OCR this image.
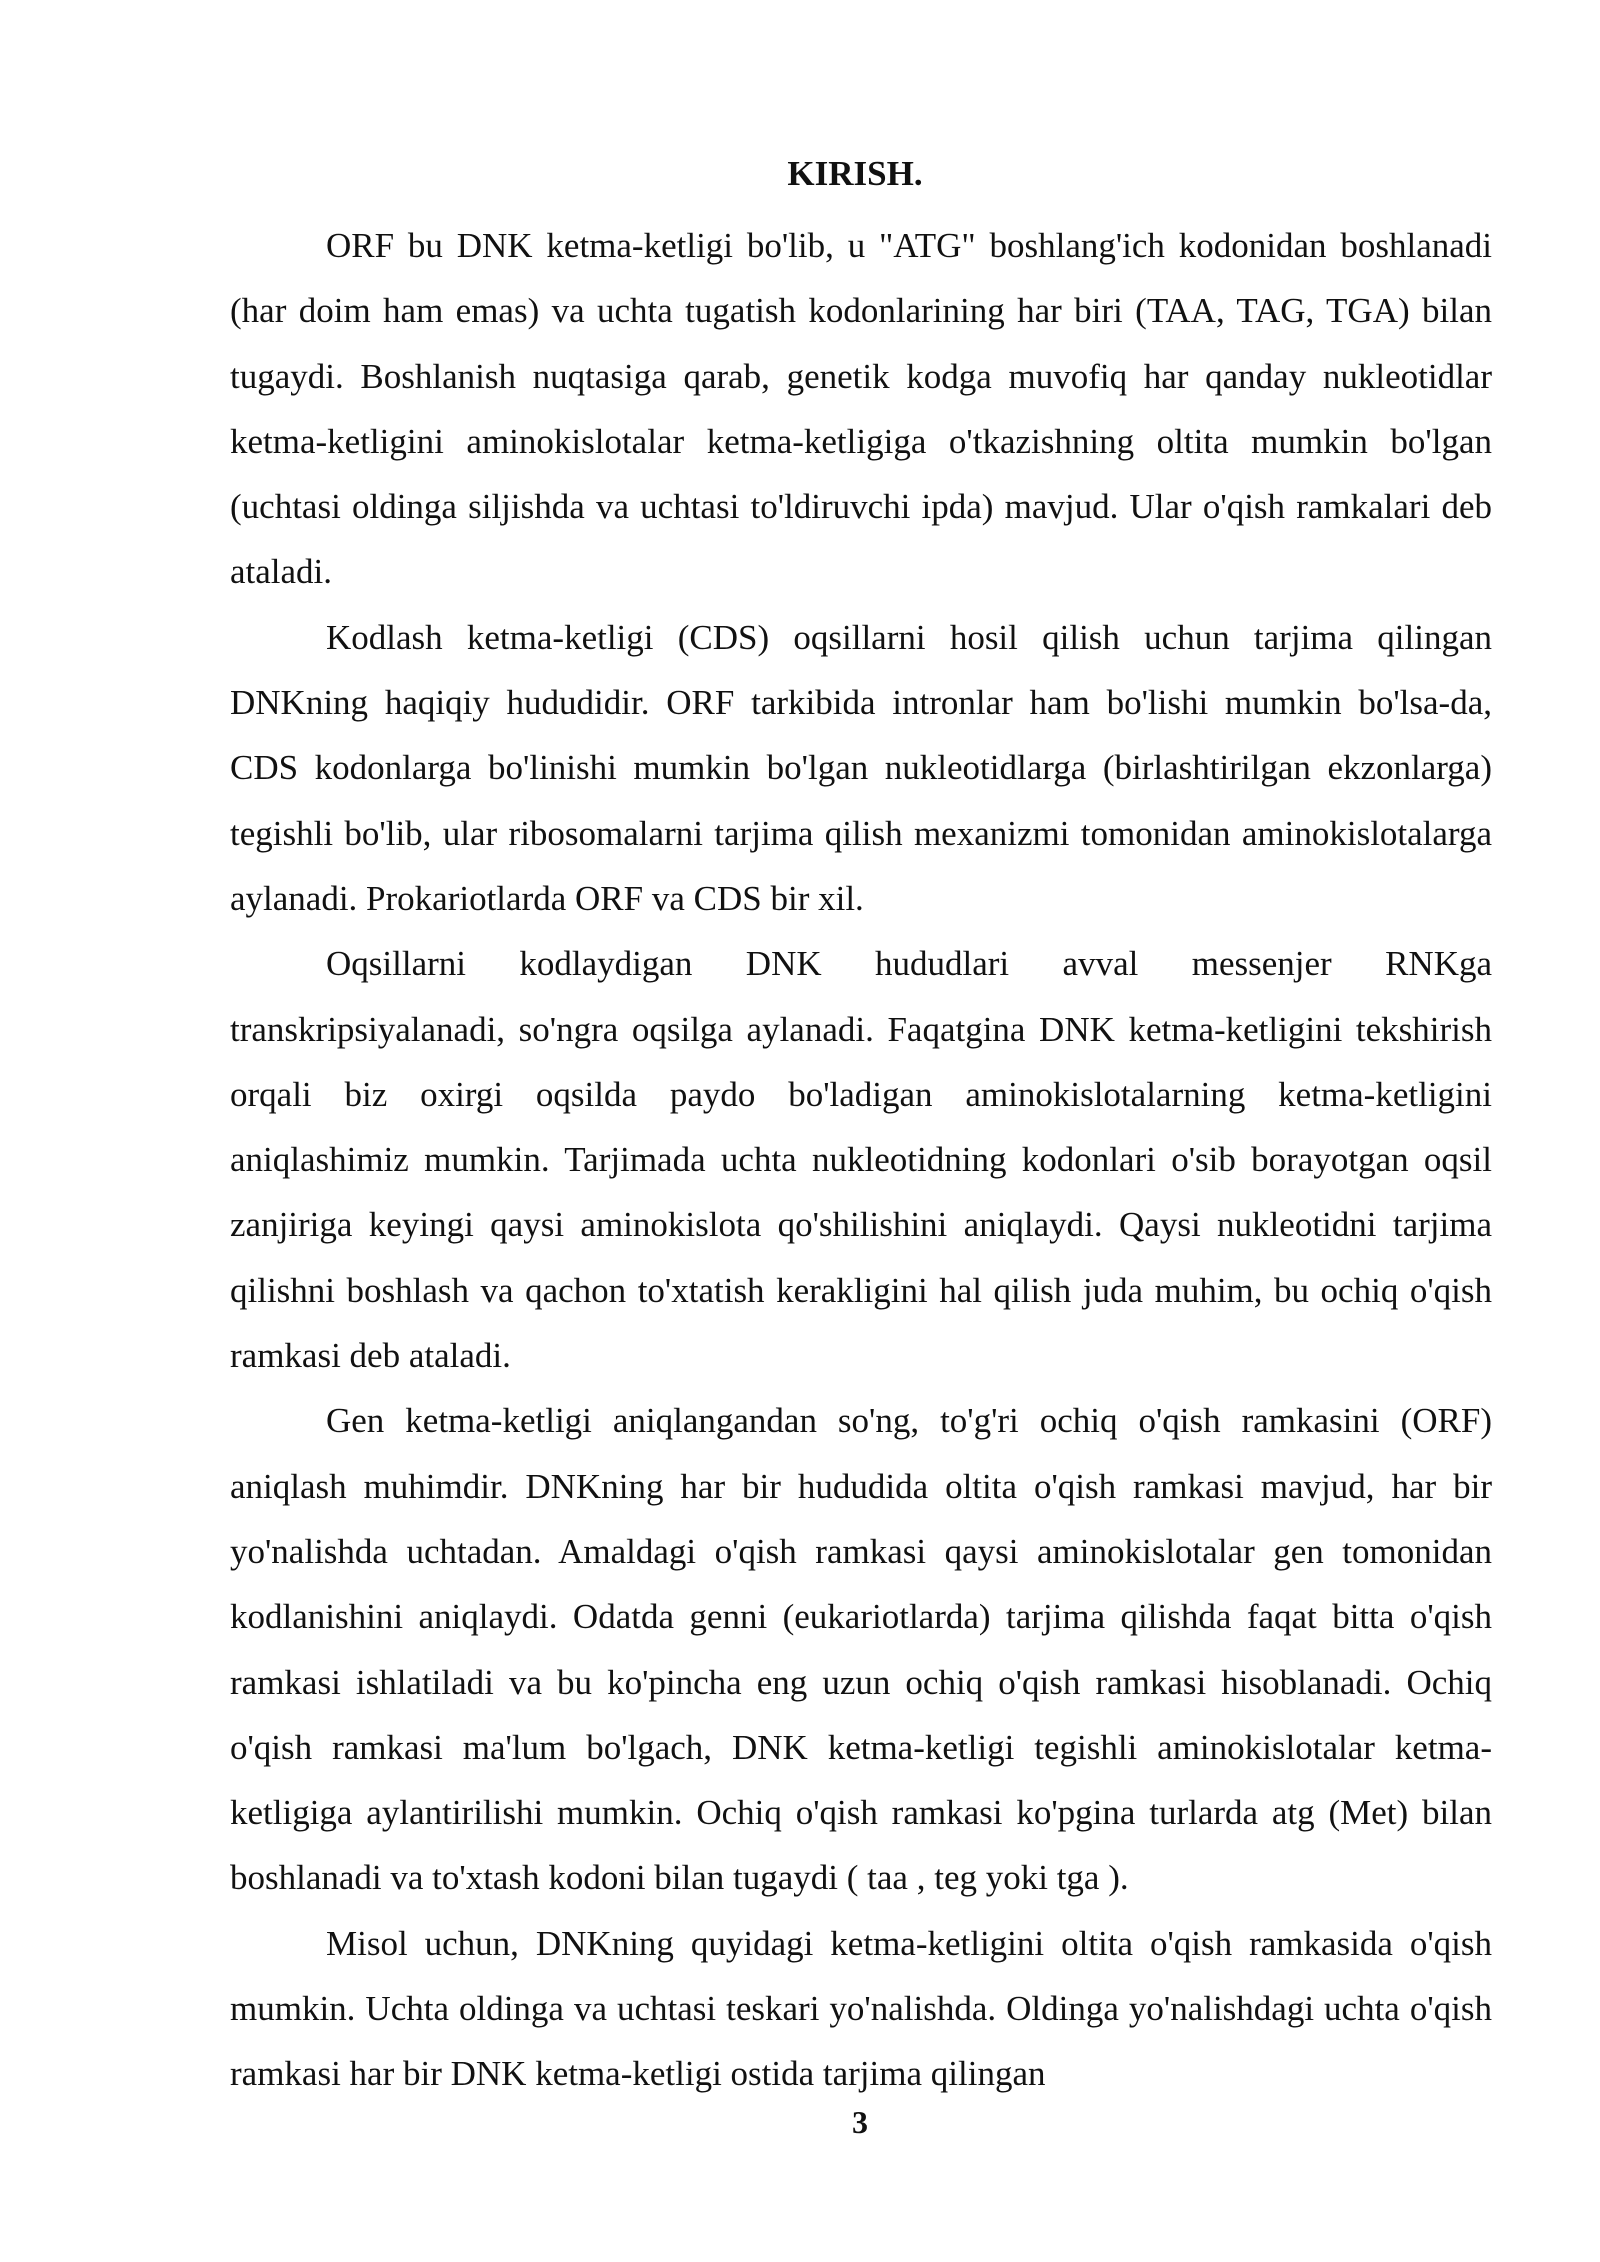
KIRISH.

ORF bu DNK ketma-ketligi bo'lib, u "ATG" boshlang'ich kodonidan boshlanadi (har doim ham emas) va uchta tugatish kodonlarining har biri (TAA, TAG, TGA) bilan tugaydi. Boshlanish nuqtasiga qarab, genetik kodga muvofiq har qanday nukleotidlar ketma-ketligini aminokislotalar ketma-ketligiga o'tkazishning oltita mumkin bo'lgan (uchtasi oldinga siljishda va uchtasi to'ldiruvchi ipda) mavjud. Ular o'qish ramkalari deb ataladi.

Kodlash ketma-ketligi (CDS) oqsillarni hosil qilish uchun tarjima qilingan DNKning haqiqiy hududidir. ORF tarkibida intronlar ham bo'lishi mumkin bo'lsa-da, CDS kodonlarga bo'linishi mumkin bo'lgan nukleotidlarga (birlashtirilgan ekzonlarga) tegishli bo'lib, ular ribosomalarni tarjima qilish mexanizmi tomonidan aminokislotalarga aylanadi. Prokariotlarda ORF va CDS bir xil.

Oqsillarni kodlaydigan DNK hududlari avval messenjer RNKga transkripsiyalanadi, so'ngra oqsilga aylanadi. Faqatgina DNK ketma-ketligini tekshirish orqali biz oxirgi oqsilda paydo bo'ladigan aminokislotalarning ketma-ketligini aniqlashimiz mumkin. Tarjimada uchta nukleotidning kodonlari o'sib borayotgan oqsil zanjiriga keyingi qaysi aminokislota qo'shilishini aniqlaydi. Qaysi nukleotidni tarjima qilishni boshlash va qachon to'xtatish kerakligini hal qilish juda muhim, bu ochiq o'qish ramkasi deb ataladi.

Gen ketma-ketligi aniqlangandan so'ng, to'g'ri ochiq o'qish ramkasini (ORF) aniqlash muhimdir. DNKning har bir hududida oltita o'qish ramkasi mavjud, har bir yo'nalishda uchtadan. Amaldagi o'qish ramkasi qaysi aminokislotalar gen tomonidan kodlanishini aniqlaydi. Odatda genni (eukariotlarda) tarjima qilishda faqat bitta o'qish ramkasi ishlatiladi va bu ko'pincha eng uzun ochiq o'qish ramkasi hisoblanadi. Ochiq o'qish ramkasi ma'lum bo'lgach, DNK ketma-ketligi tegishli aminokislotalar ketma-ketligiga aylantirilishi mumkin. Ochiq o'qish ramkasi ko'pgina turlarda atg (Met) bilan boshlanadi va to'xtash kodoni bilan tugaydi ( taa , teg yoki tga ).

Misol uchun, DNKning quyidagi ketma-ketligini oltita o'qish ramkasida o'qish mumkin. Uchta oldinga va uchtasi teskari yo'nalishda. Oldinga yo'nalishdagi uchta o'qish ramkasi har bir DNK ketma-ketligi ostida tarjima qilingan

3
